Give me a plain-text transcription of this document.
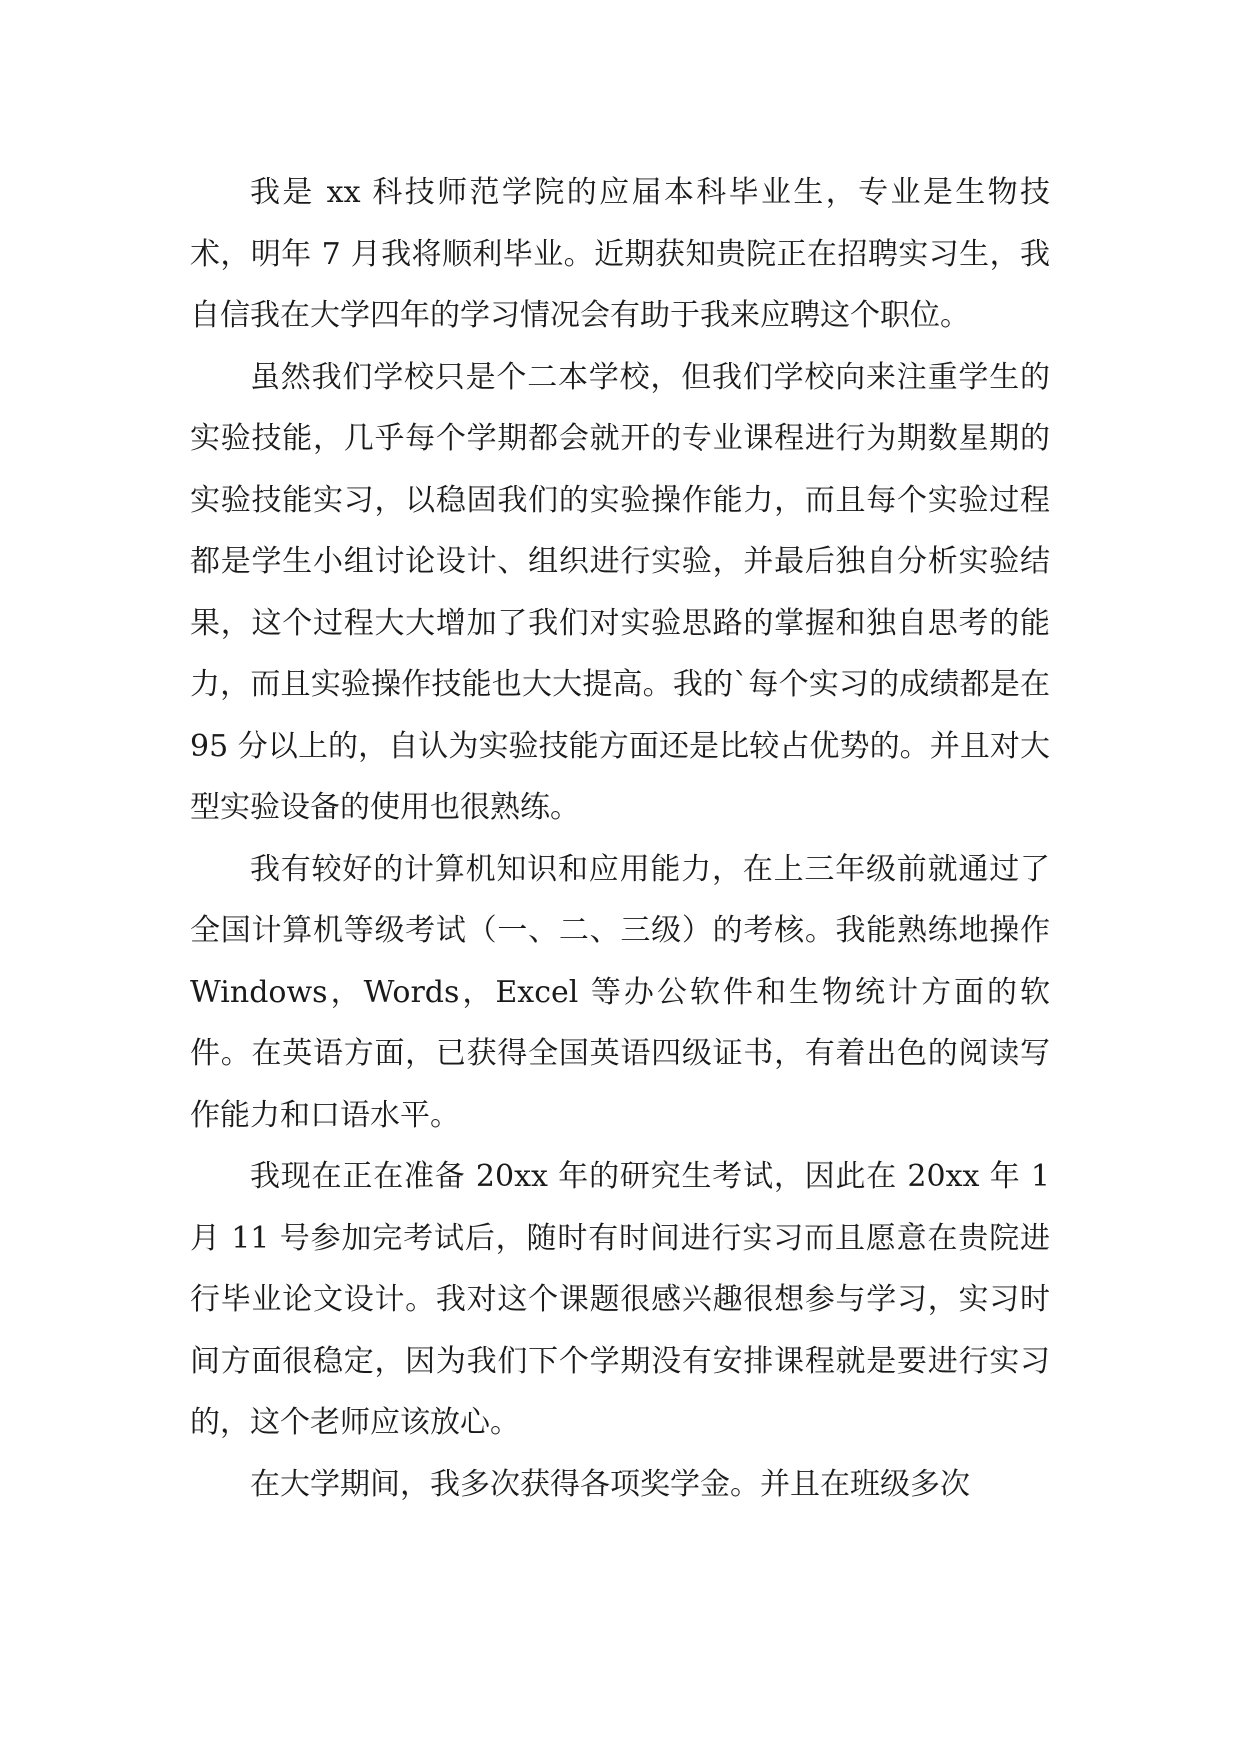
我是 xx 科技师范学院的应届本科毕业生，专业是生物技术，明年 7 月我将顺利毕业。近期获知贵院正在招聘实习生，我自信我在大学四年的学习情况会有助于我来应聘这个职位。

虽然我们学校只是个二本学校，但我们学校向来注重学生的实验技能，几乎每个学期都会就开的专业课程进行为期数星期的实验技能实习，以稳固我们的实验操作能力，而且每个实验过程都是学生小组讨论设计、组织进行实验，并最后独自分析实验结果，这个过程大大增加了我们对实验思路的掌握和独自思考的能力，而且实验操作技能也大大提高。我的`每个实习的成绩都是在 95 分以上的，自认为实验技能方面还是比较占优势的。并且对大型实验设备的使用也很熟练。

我有较好的计算机知识和应用能力，在上三年级前就通过了全国计算机等级考试（一、二、三级）的考核。我能熟练地操作 Windows，Words，Excel 等办公软件和生物统计方面的软件。在英语方面，已获得全国英语四级证书，有着出色的阅读写作能力和口语水平。

我现在正在准备 20xx 年的研究生考试，因此在 20xx 年 1 月 11 号参加完考试后，随时有时间进行实习而且愿意在贵院进行毕业论文设计。我对这个课题很感兴趣很想参与学习，实习时间方面很稳定，因为我们下个学期没有安排课程就是要进行实习的，这个老师应该放心。

在大学期间，我多次获得各项奖学金。并且在班级多次
